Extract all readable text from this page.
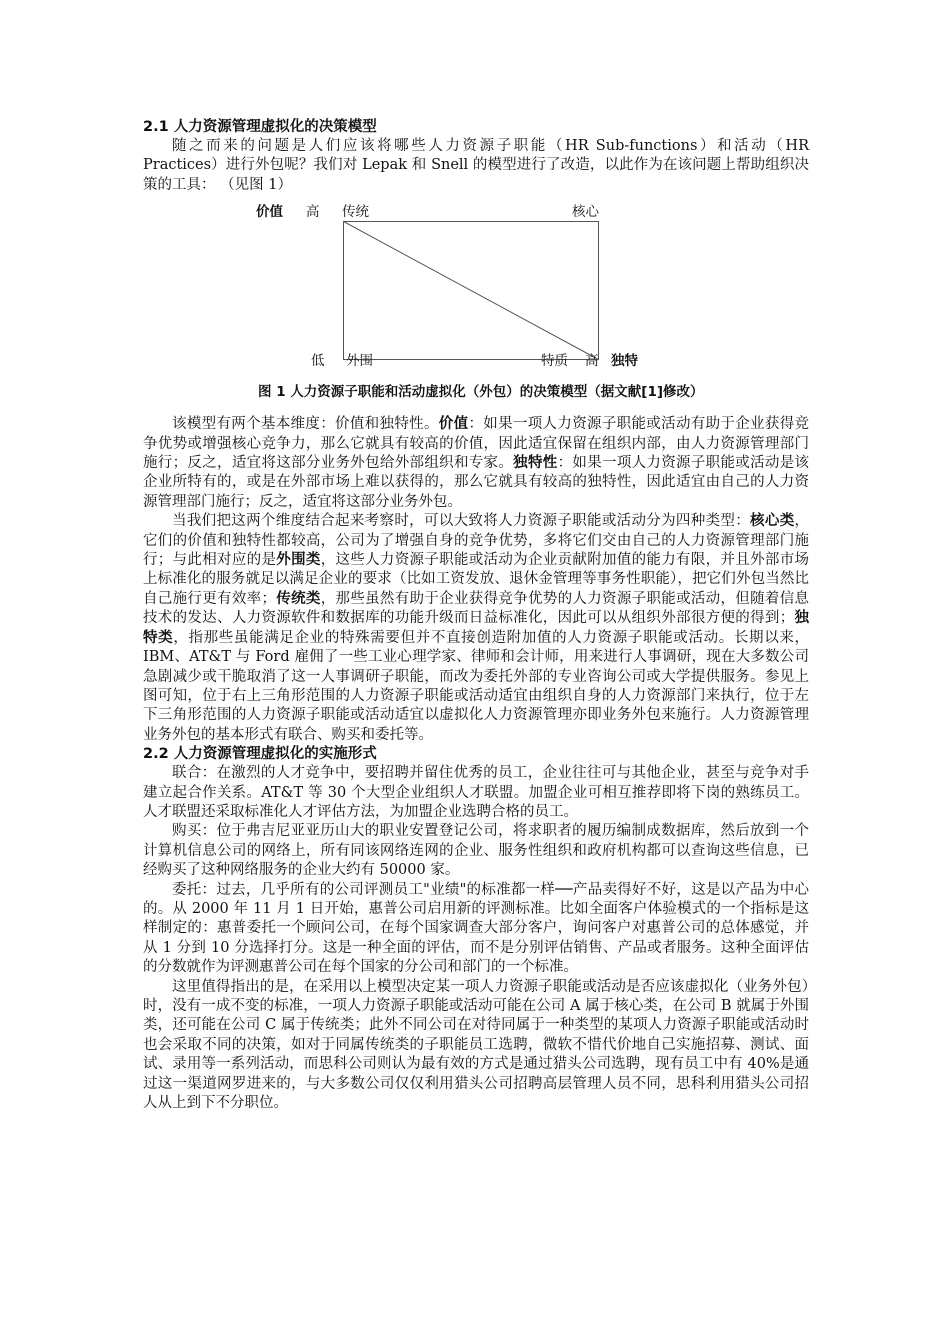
2.1 人力资源管理虚拟化的决策模型

随之而来的问题是人们应该将哪些人力资源子职能（HR Sub-functions）和活动（HR Practices）进行外包呢？我们对 Lepak 和 Snell 的模型进行了改造，以此作为在该问题上帮助组织决策的工具： （见图 1）

价值 高 传统	核心
低 外围	特质 高 独特
图 1 人力资源子职能和活动虚拟化（外包）的决策模型（据文献[1]修改）

该模型有两个基本维度：价值和独特性。价值：如果一项人力资源子职能或活动有助于企业获得竞争优势或增强核心竞争力，那么它就具有较高的价值，因此适宜保留在组织内部，由人力资源管理部门施行；反之，适宜将这部分业务外包给外部组织和专家。独特性：如果一项人力资源子职能或活动是该企业所特有的，或是在外部市场上难以获得的，那么它就具有较高的独特性，因此适宜由自己的人力资源管理部门施行；反之，适宜将这部分业务外包。

当我们把这两个维度结合起来考察时，可以大致将人力资源子职能或活动分为四种类型：核心类，它们的价值和独特性都较高，公司为了增强自身的竞争优势，多将它们交由自己的人力资源管理部门施行；与此相对应的是外围类，这些人力资源子职能或活动为企业贡献附加值的能力有限，并且外部市场上标准化的服务就足以满足企业的要求（比如工资发放、退休金管理等事务性职能），把它们外包当然比自己施行更有效率；传统类，那些虽然有助于企业获得竞争优势的人力资源子职能或活动，但随着信息技术的发达、人力资源软件和数据库的功能升级而日益标准化，因此可以从组织外部很方便的得到；独特类，指那些虽能满足企业的特殊需要但并不直接创造附加值的人力资源子职能或活动。长期以来，IBM、AT&T 与 Ford 雇佣了一些工业心理学家、律师和会计师，用来进行人事调研，现在大多数公司急剧减少或干脆取消了这一人事调研子职能，而改为委托外部的专业咨询公司或大学提供服务。参见上图可知，位于右上三角形范围的人力资源子职能或活动适宜由组织自身的人力资源部门来执行，位于左下三角形范围的人力资源子职能或活动适宜以虚拟化人力资源管理亦即业务外包来施行。人力资源管理业务外包的基本形式有联合、购买和委托等。

2.2 人力资源管理虚拟化的实施形式

联合：在激烈的人才竞争中，要招聘并留住优秀的员工，企业往往可与其他企业，甚至与竞争对手建立起合作关系。AT&T 等 30 个大型企业组织人才联盟。加盟企业可相互推荐即将下岗的熟练员工。人才联盟还采取标准化人才评估方法，为加盟企业选聘合格的员工。

购买：位于弗吉尼亚亚历山大的职业安置登记公司，将求职者的履历编制成数据库，然后放到一个计算机信息公司的网络上，所有同该网络连网的企业、服务性组织和政府机构都可以查询这些信息，已经购买了这种网络服务的企业大约有 50000 家。

委托：过去，几乎所有的公司评测员工"业绩"的标准都一样──产品卖得好不好，这是以产品为中心的。从 2000 年 11 月 1 日开始，惠普公司启用新的评测标准。比如全面客户体验模式的一个指标是这样制定的：惠普委托一个顾问公司，在每个国家调查大部分客户，询问客户对惠普公司的总体感觉，并从 1 分到 10 分选择打分。这是一种全面的评估，而不是分别评估销售、产品或者服务。这种全面评估的分数就作为评测惠普公司在每个国家的分公司和部门的一个标准。

这里值得指出的是，在采用以上模型决定某一项人力资源子职能或活动是否应该虚拟化（业务外包）时，没有一成不变的标准，一项人力资源子职能或活动可能在公司 A 属于核心类，在公司 B 就属于外围类，还可能在公司 C 属于传统类；此外不同公司在对待同属于一种类型的某项人力资源子职能或活动时也会采取不同的决策，如对于同属传统类的子职能员工选聘，微软不惜代价地自己实施招募、测试、面试、录用等一系列活动，而思科公司则认为最有效的方式是通过猎头公司选聘，现有员工中有 40%是通过这一渠道网罗进来的，与大多数公司仅仅利用猎头公司招聘高层管理人员不同，思科利用猎头公司招人从上到下不分职位。
